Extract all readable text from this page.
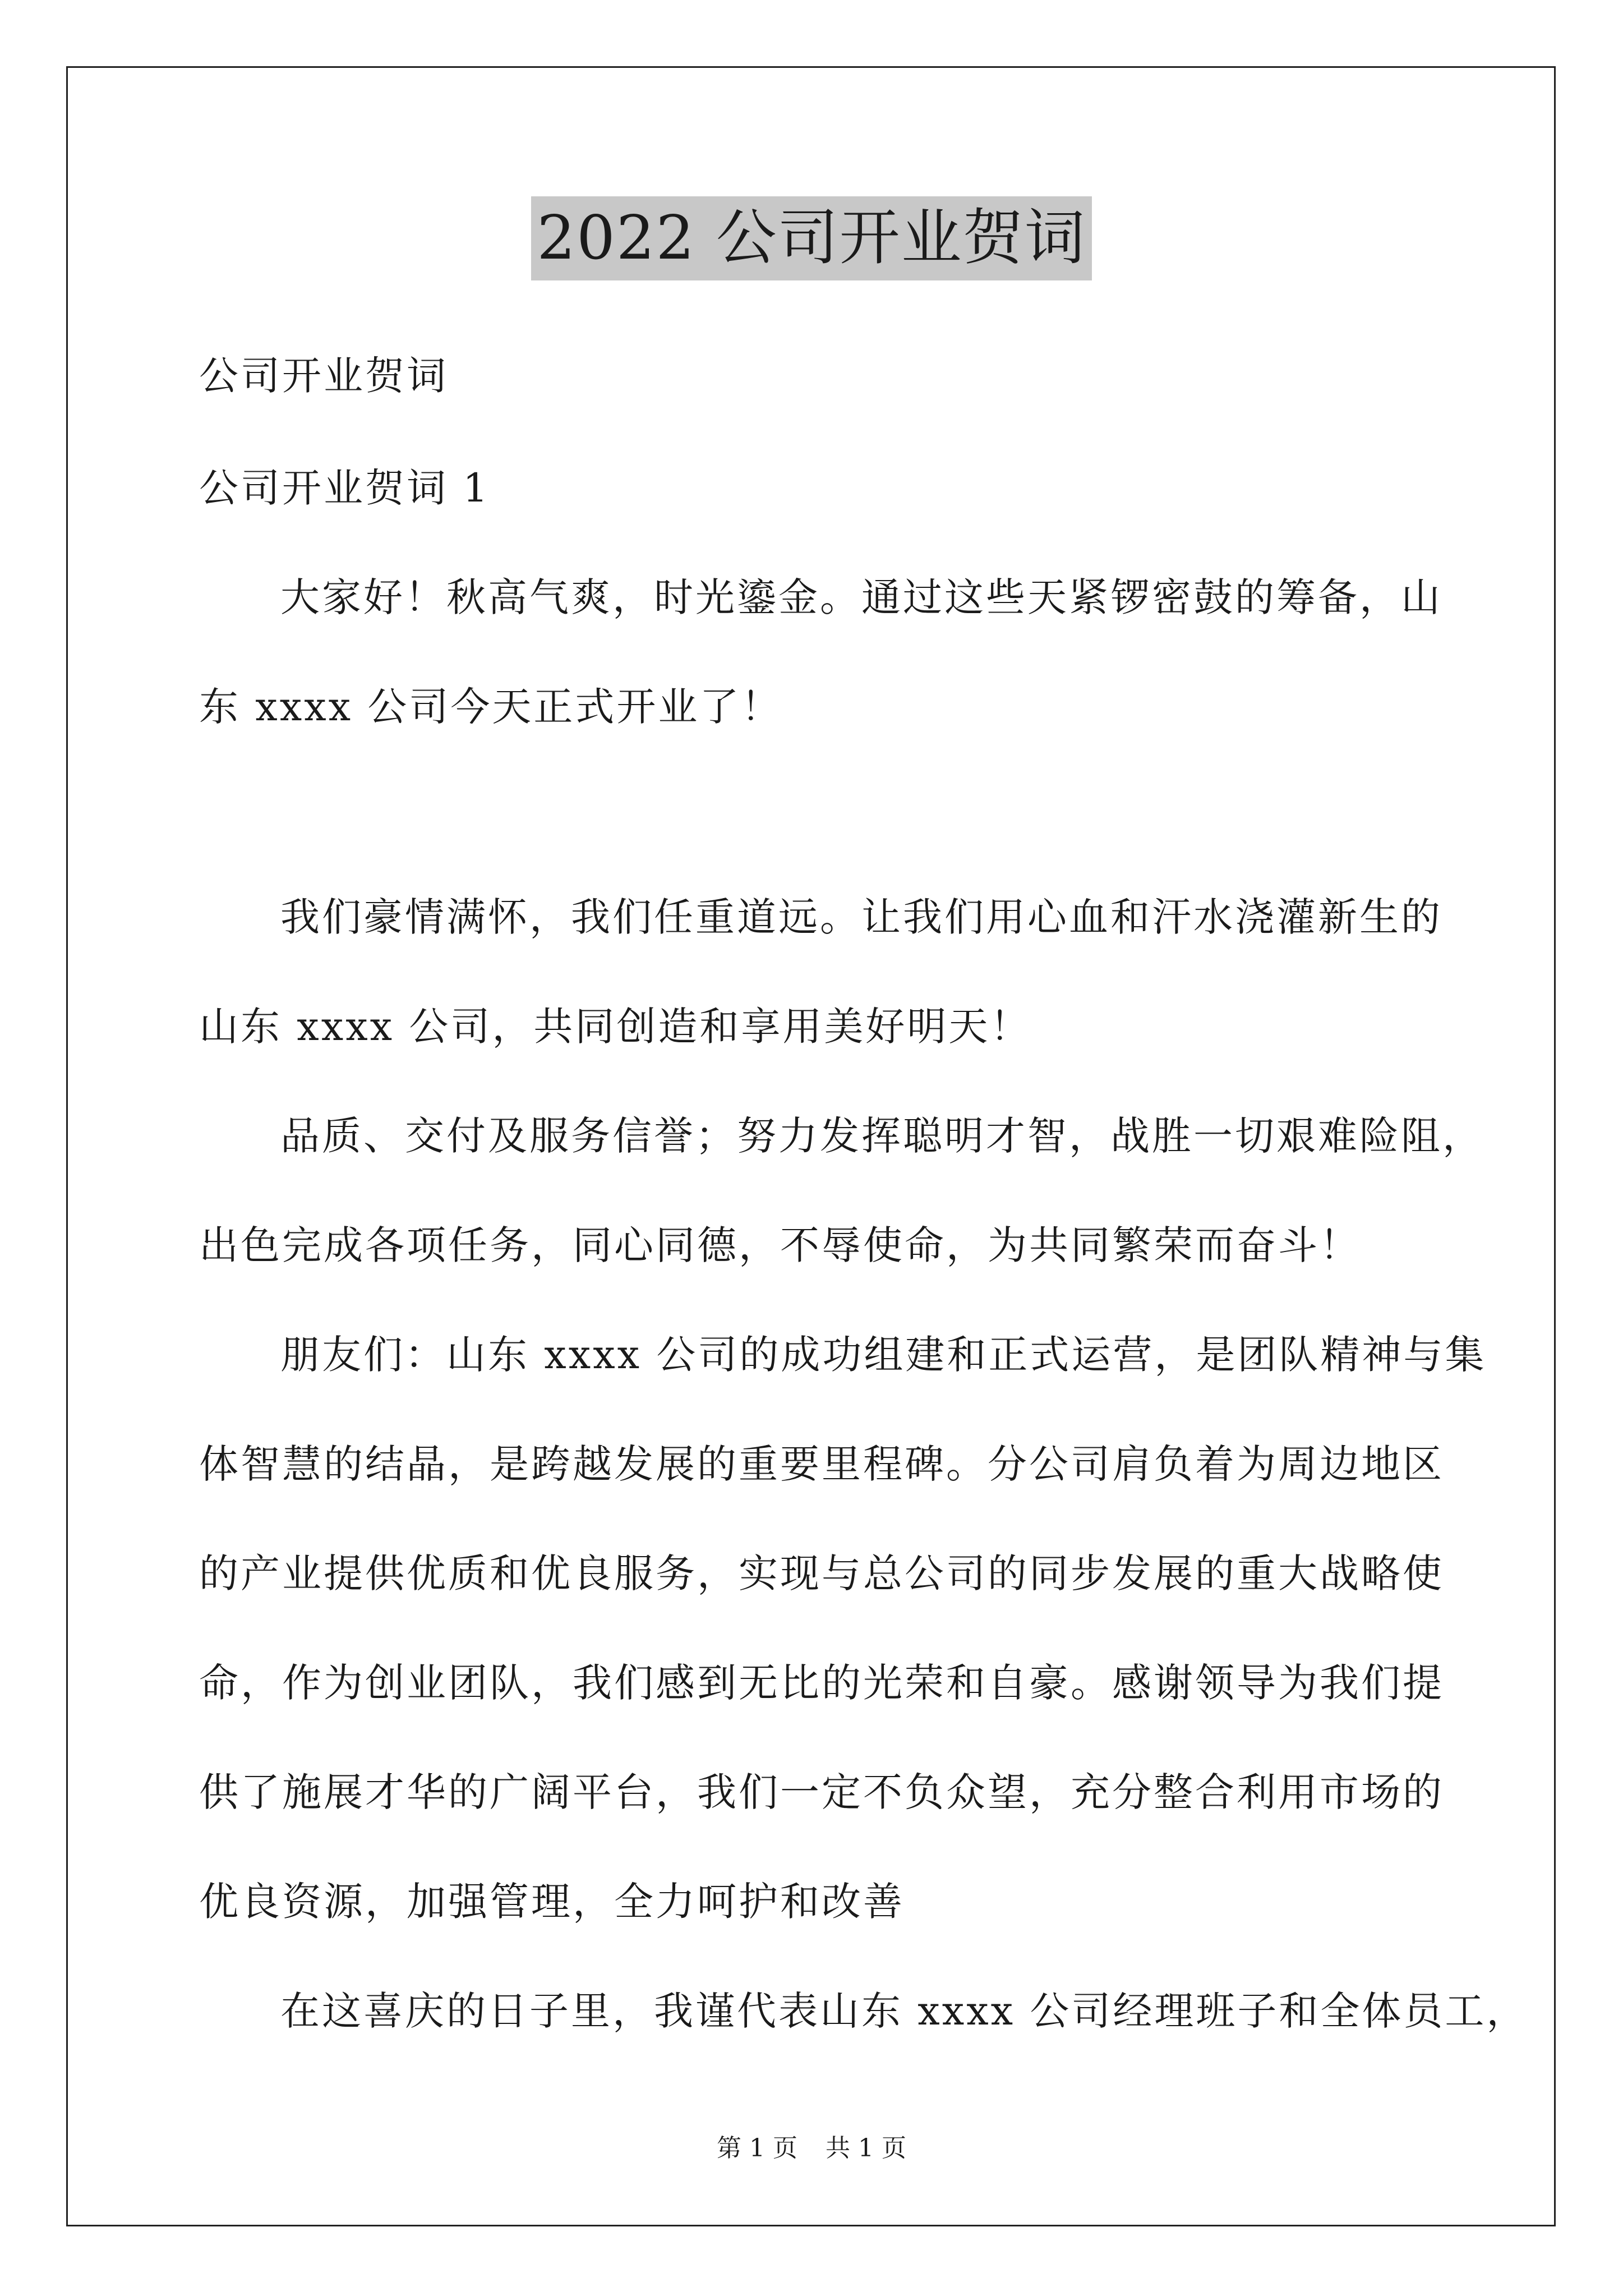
2022 公司开业贺词
公司开业贺词
公司开业贺词 1
大家好！秋高气爽，时光鎏金。通过这些天紧锣密鼓的筹备，山
东 xxxx 公司今天正式开业了！
我们豪情满怀，我们任重道远。让我们用心血和汗水浇灌新生的
山东 xxxx 公司，共同创造和享用美好明天！
品质、交付及服务信誉；努力发挥聪明才智，战胜一切艰难险阻，
出色完成各项任务，同心同德，不辱使命，为共同繁荣而奋斗！
朋友们：山东 xxxx 公司的成功组建和正式运营，是团队精神与集
体智慧的结晶，是跨越发展的重要里程碑。分公司肩负着为周边地区
的产业提供优质和优良服务，实现与总公司的同步发展的重大战略使
命，作为创业团队，我们感到无比的光荣和自豪。感谢领导为我们提
供了施展才华的广阔平台，我们一定不负众望，充分整合利用市场的
优良资源，加强管理，全力呵护和改善
在这喜庆的日子里，我谨代表山东 xxxx 公司经理班子和全体员工，
第 1 页 共 1 页
